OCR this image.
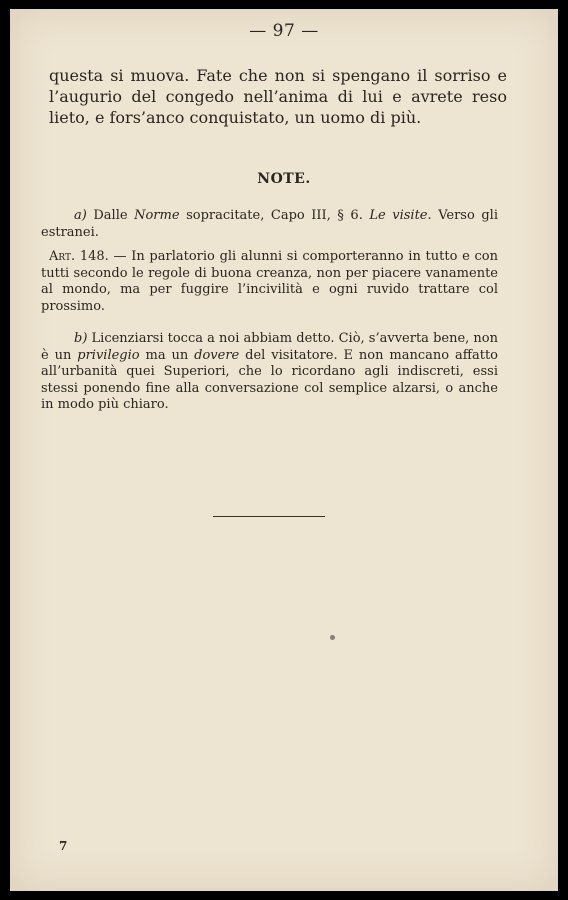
— 97 —

questa si muova. Fate che non si spengano il sorriso e l’augurio del congedo nell’anima di lui e avrete reso lieto, e fors’anco conquistato, un uomo di più.

NOTE.

a) Dalle Norme sopracitate, Capo III, § 6. Le visite. Verso gli estranei.

Art. 148. — In parlatorio gli alunni si comporteranno in tutto e con tutti secondo le regole di buona creanza, non per piacere vanamente al mondo, ma per fuggire l’incivilità e ogni ruvido trattare col prossimo.

b) Licenziarsi tocca a noi abbiam detto. Ciò, s’avverta bene, non è un privilegio ma un dovere del visitatore. E non mancano affatto all’urbanità quei Superiori, che lo ricordano agli indiscreti, essi stessi ponendo fine alla conversazione col semplice alzarsi, o anche in modo più chiaro.

7
